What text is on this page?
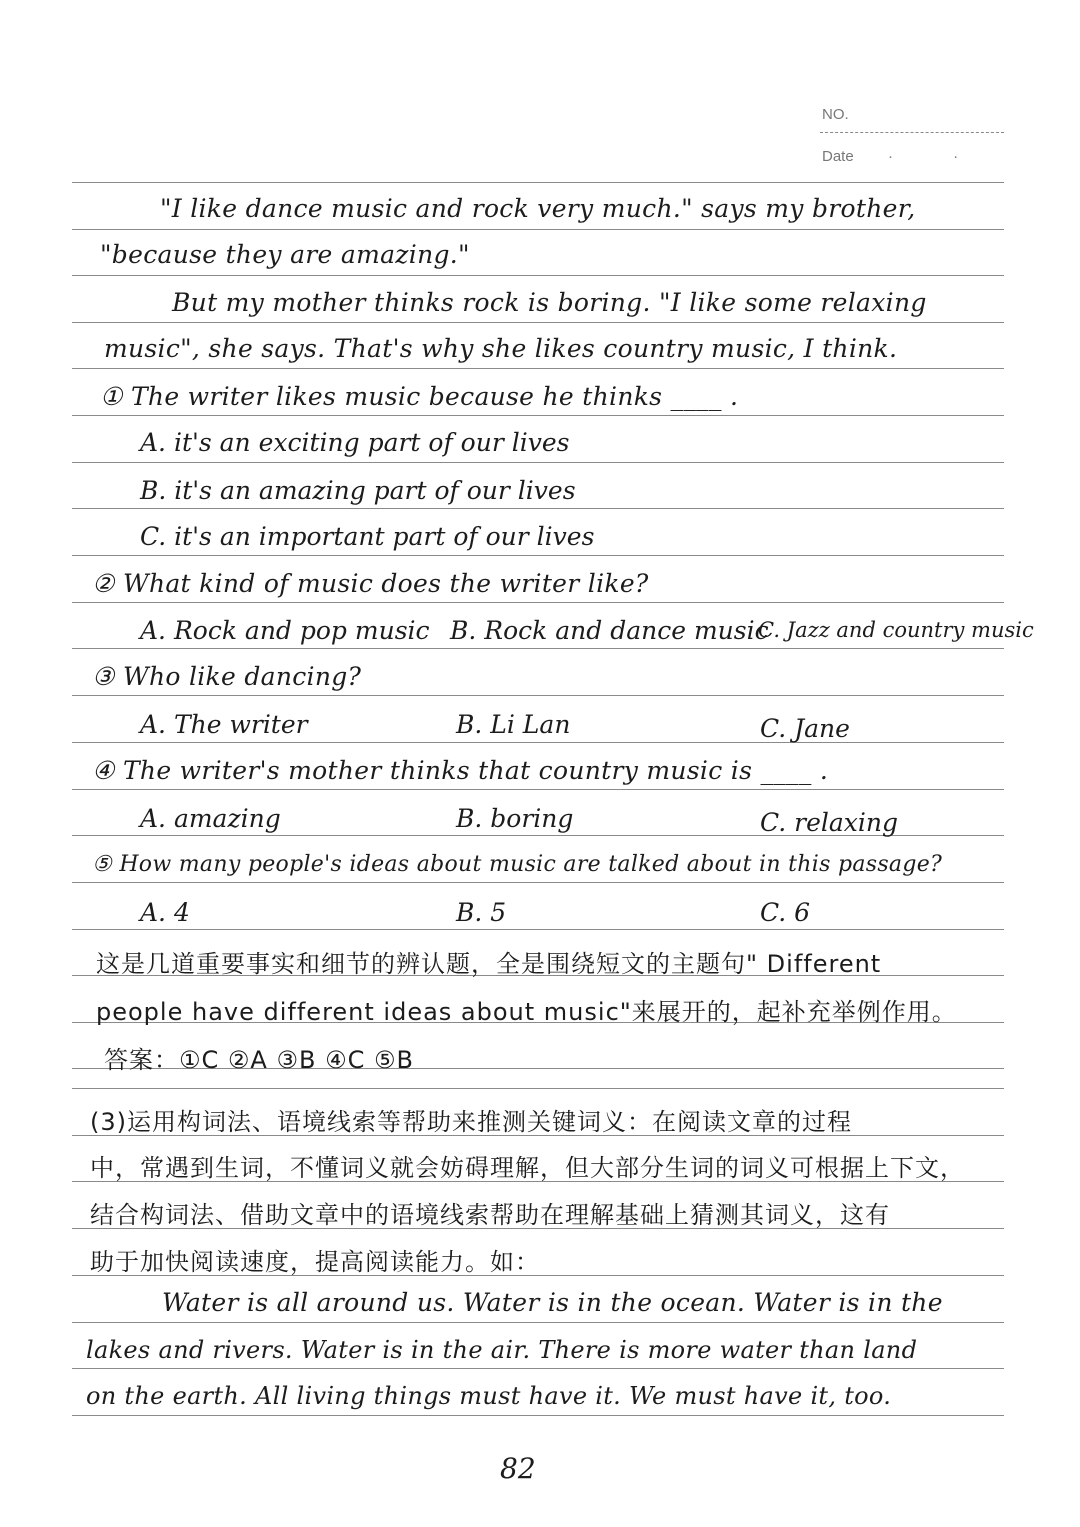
NO.
Date · ·
"I like dance music and rock very much." says my brother,
"because they are amazing."
But my mother thinks rock is boring. "I like some relaxing
music", she says. That's why she likes country music, I think.
① The writer likes music because he thinks ____ .
A. it's an exciting part of our lives
B. it's an amazing part of our lives
C. it's an important part of our lives
② What kind of music does the writer like?
A. Rock and pop music B. Rock and dance music
C. Jazz and country music
③ Who like dancing?
A. The writer	B. Li Lan	C. Jane
④ The writer's mother thinks that country music is ____ .
A. amazing	B. boring	C. relaxing
⑤ How many people's ideas about music are talked about in this passage?
A. 4	B. 5	C. 6
这是几道重要事实和细节的辨认题，全是围绕短文的主题句" Different
people have different ideas about music"来展开的，起补充举例作用。
答案：①C ②A ③B ④C ⑤B
(3)运用构词法、语境线索等帮助来推测关键词义：在阅读文章的过程
中，常遇到生词，不懂词义就会妨碍理解，但大部分生词的词义可根据上下文，
结合构词法、借助文章中的语境线索帮助在理解基础上猜测其词义，这有
助于加快阅读速度，提高阅读能力。如：
Water is all around us. Water is in the ocean. Water is in the
lakes and rivers. Water is in the air. There is more water than land
on the earth. All living things must have it. We must have it, too.
82
